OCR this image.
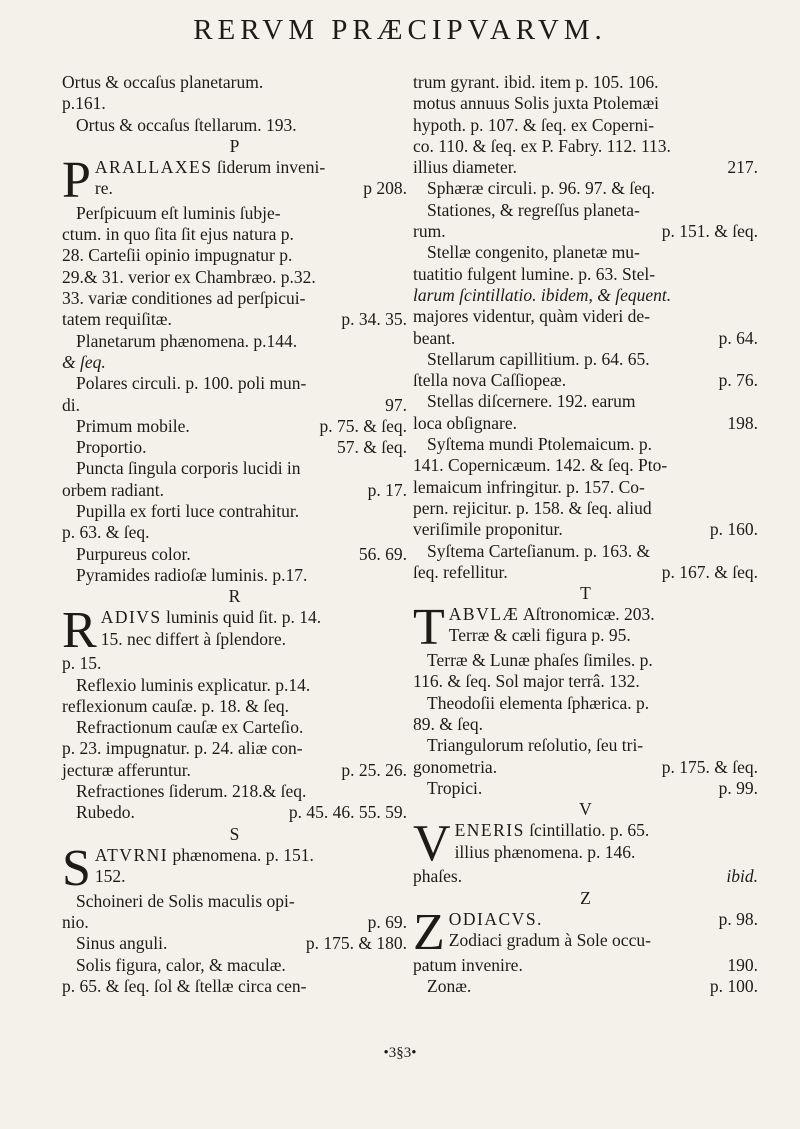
RERVM PRÆCIPVARVM.

Ortus & occaſus planetarum.

p.161.

Ortus & occaſus ſtellarum. 193.

P

P ARALLAXES ſiderum inveni-

re.	p 208.

Perſpicuum eſt luminis ſubje-

ctum. in quo ſita ſit ejus natura p.

28. Carteſii opinio impugnatur p.

29.& 31. verior ex Chambræo. p.32.

33. variæ conditiones ad perſpicui-

tatem requiſitæ.	p. 34. 35.

Planetarum phænomena. p.144.

& ſeq.

Polares circuli. p. 100. poli mun-

di.	97.

Primum mobile.	p. 75. & ſeq.

Proportio.	57. & ſeq.

Puncta ſingula corporis lucidi in

orbem radiant.	p. 17.

Pupilla ex forti luce contrahitur.

p. 63. & ſeq.

Purpureus color.	56. 69.

Pyramides radioſæ luminis. p.17.

R

R ADIVS luminis quid ſit. p. 14.

15. nec differt à ſplendore.

p. 15.

Reflexio luminis explicatur. p.14.

reflexionum cauſæ. p. 18. & ſeq.

Refractionum cauſæ ex Carteſio.

p. 23. impugnatur. p. 24. aliæ con-

jecturæ afferuntur.	p. 25. 26.

Refractiones ſiderum. 218.& ſeq.

Rubedo.	p. 45. 46. 55. 59.

S

S ATVRNI phænomena. p. 151.

152.

Schoineri de Solis maculis opi-

nio.	p. 69.

Sinus anguli.	p. 175. & 180.

Solis figura, calor, & maculæ.

p. 65. & ſeq. ſol & ſtellæ circa cen-

trum gyrant. ibid. item p. 105. 106.

motus annuus Solis juxta Ptolemæi

hypoth. p. 107. & ſeq. ex Coperni-

co. 110. & ſeq. ex P. Fabry. 112. 113.

illius diameter.	217.

Sphæræ circuli. p. 96. 97. & ſeq.

Stationes, & regreſſus planeta-

rum.	p. 151. & ſeq.

Stellæ congenito, planetæ mu-

tuatitio fulgent lumine. p. 63. Stel-

larum ſcintillatio. ibidem, & ſequent.

majores videntur, quàm videri de-

beant.	p. 64.

Stellarum capillitium. p. 64. 65.

ſtella nova Caſſiopeæ.	p. 76.

Stellas diſcernere. 192. earum

loca obſignare.	198.

Syſtema mundi Ptolemaicum. p.

141. Copernicæum. 142. & ſeq. Pto-

lemaicum infringitur. p. 157. Co-

pern. rejicitur. p. 158. & ſeq. aliud

veriſimile proponitur.	p. 160.

Syſtema Carteſianum. p. 163. &

ſeq. refellitur.	p. 167. & ſeq.

T

T ABVLÆ Aſtronomicæ. 203.

Terræ & cæli figura p. 95.

Terræ & Lunæ phaſes ſimiles. p.

116. & ſeq. Sol major terrâ. 132.

Theodoſii elementa ſphærica. p.

89. & ſeq.

Triangulorum reſolutio, ſeu tri-

gonometria.	p. 175. & ſeq.

Tropici.	p. 99.

V

V ENERIS ſcintillatio. p. 65.

illius phænomena. p. 146.

phaſes.	ibid.

Z

Z ODIACVS.	p. 98.

Zodiaci gradum à Sole occu-

patum invenire.	190.

Zonæ.	p. 100.

•3§3•
